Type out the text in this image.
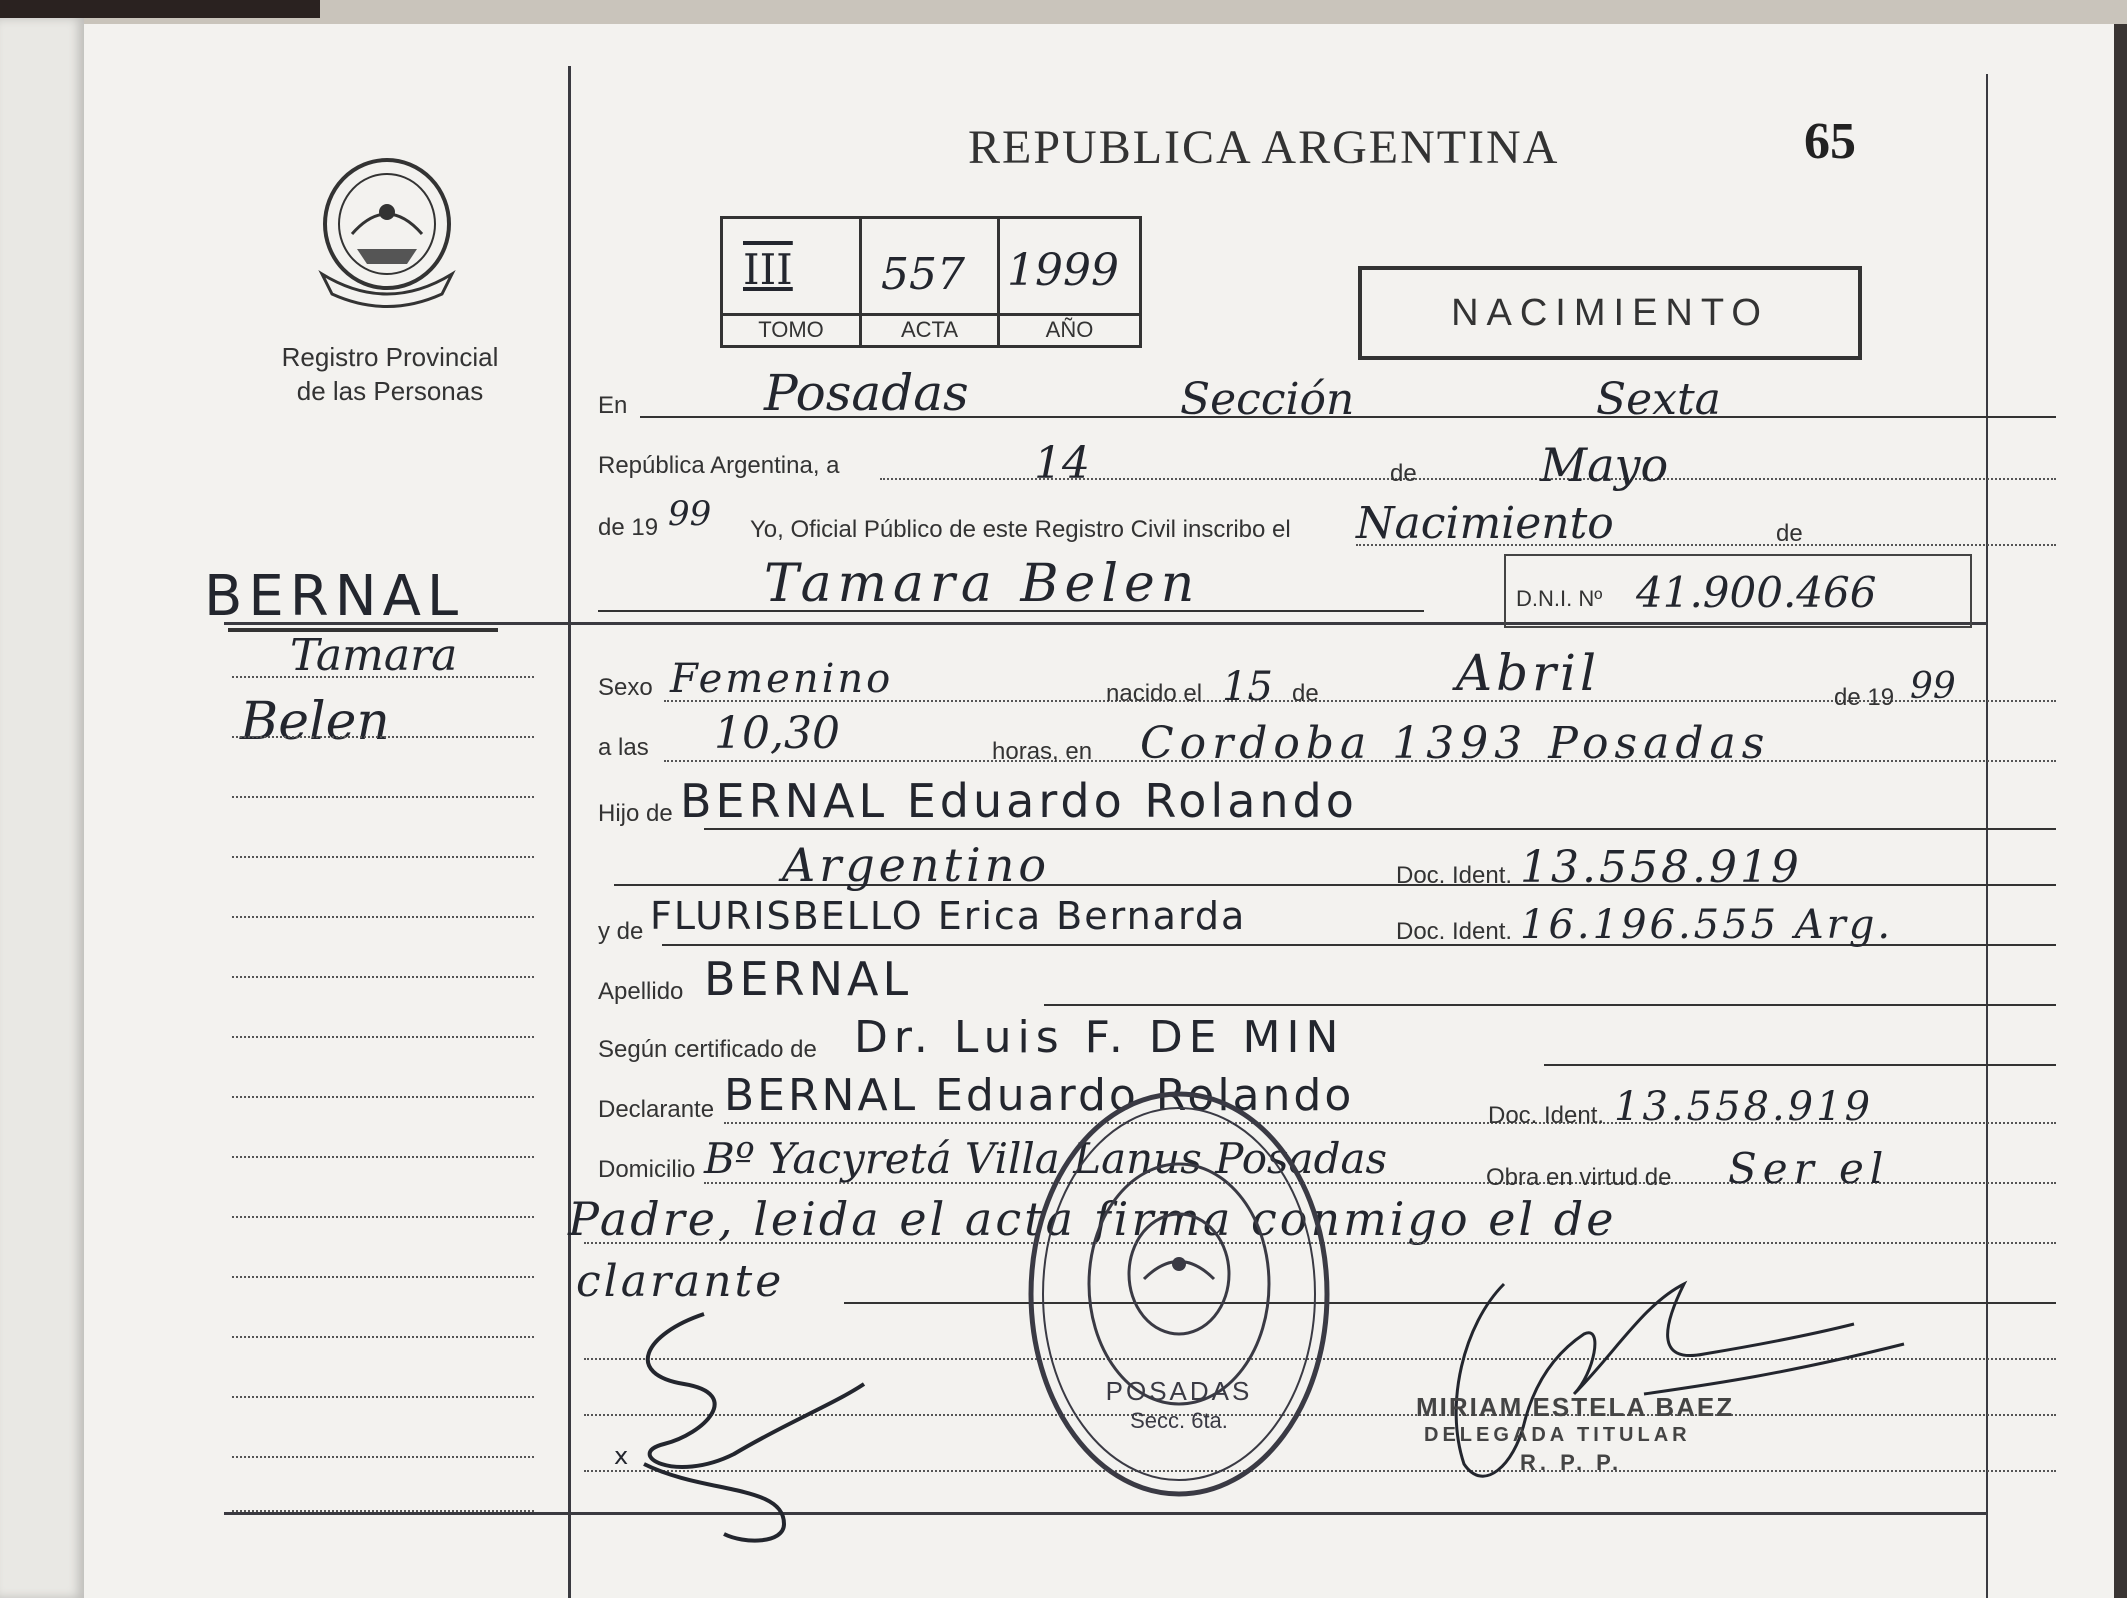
Registro Provincial
de las Personas
REPUBLICA ARGENTINA	65
III 557 1999
TOMO	ACTA	AÑO	NACIMIENTO
BERNAL
Tamara
Belen
En	Posadas	Sección	Sexta
República Argentina, a	14	de	Mayo
de 19 99 Yo, Oficial Público de este Registro Civil inscribo el Nacimiento	de
Tamara Belen	D.N.I. Nº 41.900.466
Sexo Femenino	nacido el 15 de	Abril	de 19 99
a las 10,30	horas, en Cordoba 1393 Posadas
Hijo de BERNAL Eduardo Rolando
Argentino	Doc. Ident. 13.558.919
y de FLURISBELLO Erica Bernarda	Doc. Ident. 16.196.555 Arg.
Apellido BERNAL
Según certificado de Dr. Luis F. DE MIN
Declarante BERNAL Eduardo Rolando	Doc. Ident. 13.558.919
Domicilio Bº Yacyretá Villa Lanus Posadas	Obra en virtud de Ser el
Padre, leida el acta firma conmigo el de
clarante
x
MIRIAM ESTELA BAEZ
DELEGADA TITULAR
R. P. P.
POSADAS
Secc. 6ta.
